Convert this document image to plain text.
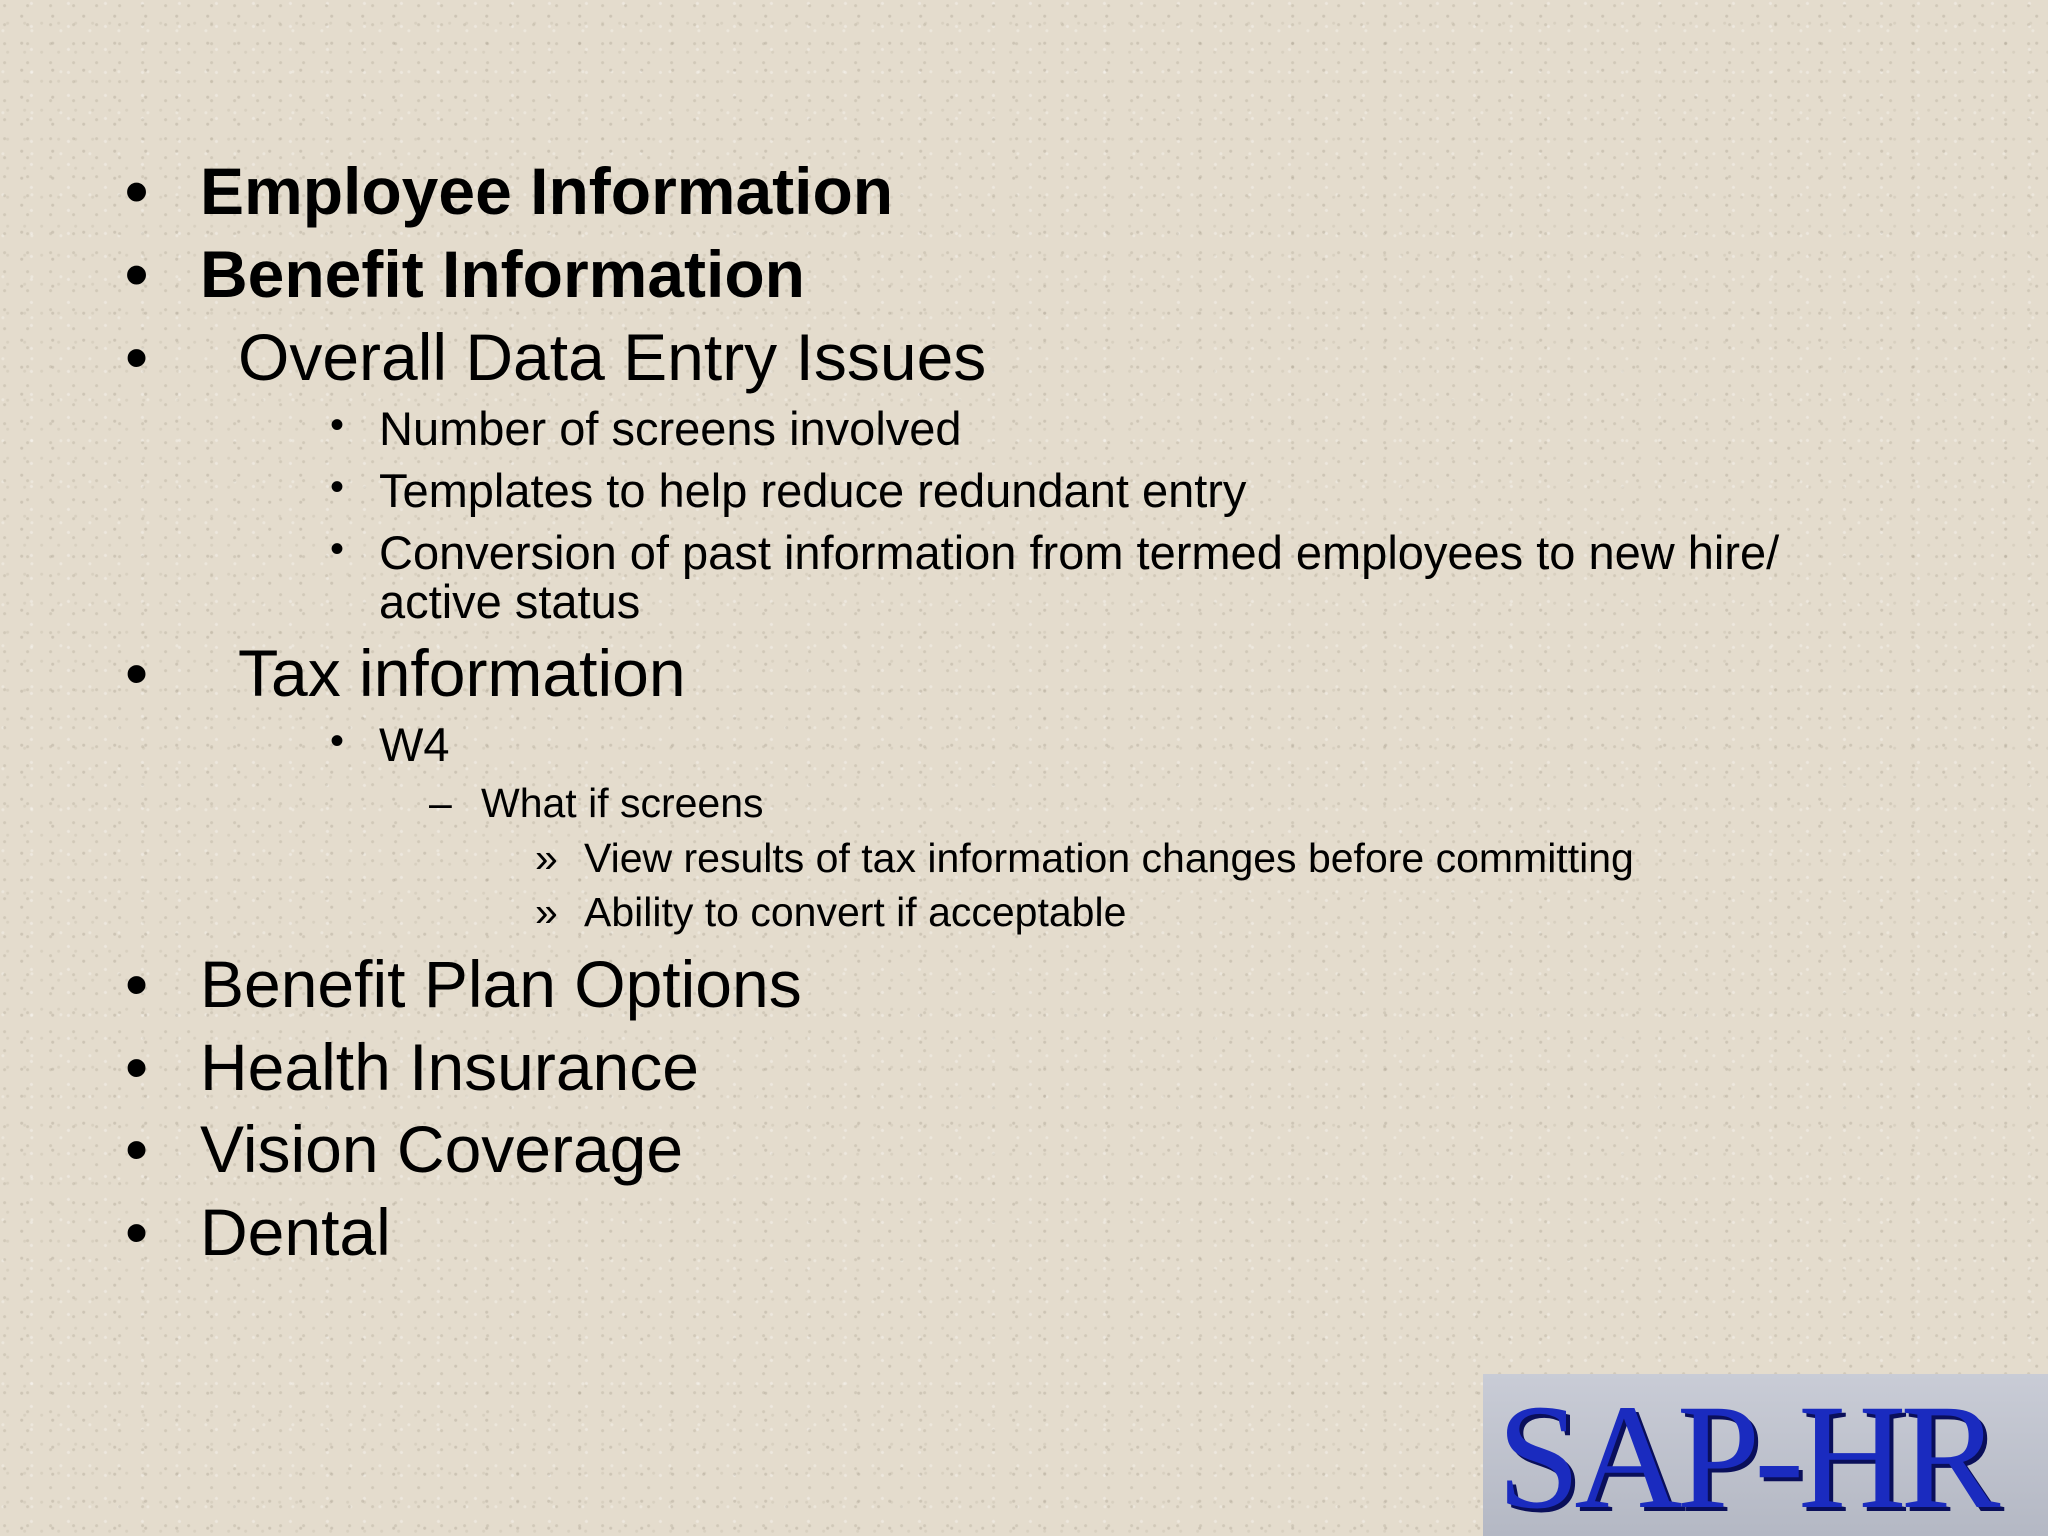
• Employee Information
• Benefit Information
• Overall Data Entry Issues
• Number of screens involved
• Templates to help reduce redundant entry
• Conversion of past information from termed employees to new hire/
active status
• Tax information
• W4
– What if screens
» View results of tax information changes before committing
» Ability to convert if acceptable
• Benefit Plan Options
• Health Insurance
• Vision Coverage
• Dental
SAP-HR
